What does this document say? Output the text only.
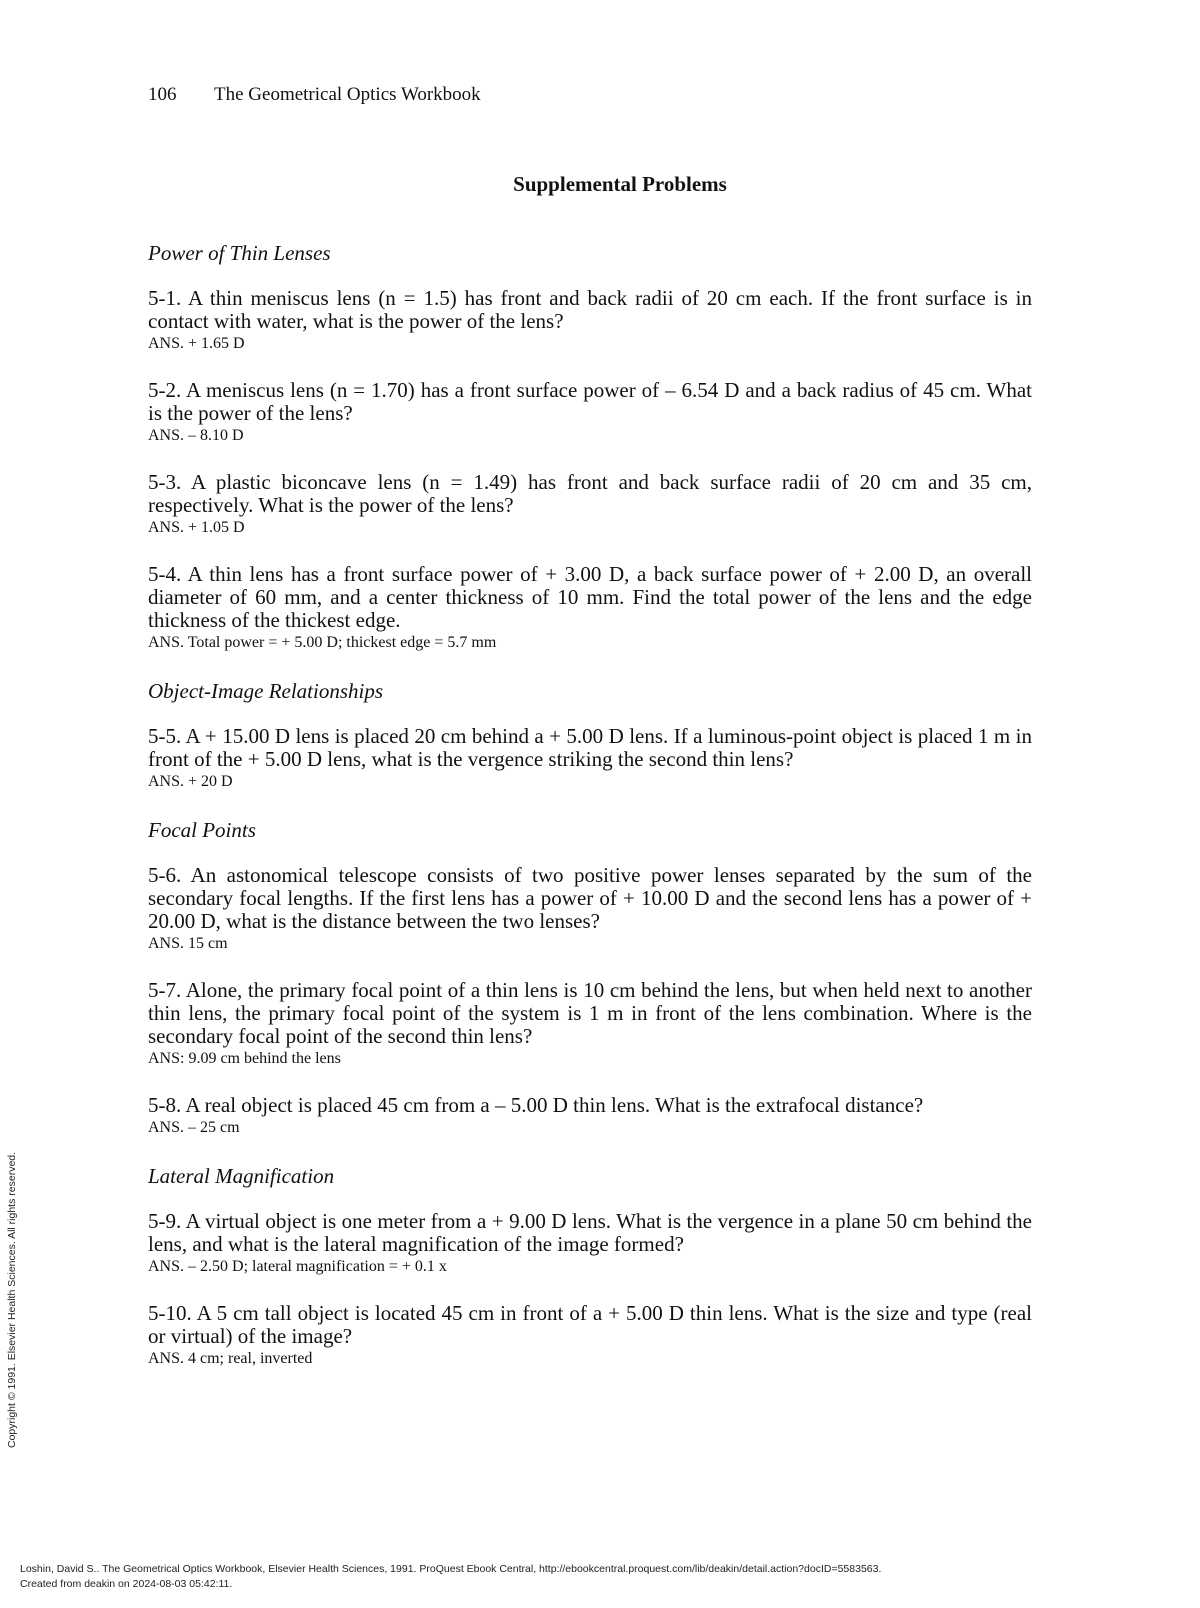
106 The Geometrical Optics Workbook
Supplemental Problems
Power of Thin Lenses
5-1. A thin meniscus lens (n = 1.5) has front and back radii of 20 cm each. If the front surface is in contact with water, what is the power of the lens?
ANS. + 1.65 D
5-2. A meniscus lens (n = 1.70) has a front surface power of – 6.54 D and a back radius of 45 cm. What is the power of the lens?
ANS. – 8.10 D
5-3. A plastic biconcave lens (n = 1.49) has front and back surface radii of 20 cm and 35 cm, respectively. What is the power of the lens?
ANS. + 1.05 D
5-4. A thin lens has a front surface power of + 3.00 D, a back surface power of + 2.00 D, an overall diameter of 60 mm, and a center thickness of 10 mm. Find the total power of the lens and the edge thickness of the thickest edge.
ANS. Total power = + 5.00 D; thickest edge = 5.7 mm
Object-Image Relationships
5-5. A + 15.00 D lens is placed 20 cm behind a + 5.00 D lens. If a luminous-point object is placed 1 m in front of the + 5.00 D lens, what is the vergence striking the second thin lens?
ANS. + 20 D
Focal Points
5-6. An astonomical telescope consists of two positive power lenses separated by the sum of the secondary focal lengths. If the first lens has a power of + 10.00 D and the second lens has a power of + 20.00 D, what is the distance between the two lenses?
ANS. 15 cm
5-7. Alone, the primary focal point of a thin lens is 10 cm behind the lens, but when held next to another thin lens, the primary focal point of the system is 1 m in front of the lens combination. Where is the secondary focal point of the second thin lens?
ANS: 9.09 cm behind the lens
5-8. A real object is placed 45 cm from a – 5.00 D thin lens. What is the extrafocal distance?
ANS. – 25 cm
Lateral Magnification
5-9. A virtual object is one meter from a + 9.00 D lens. What is the vergence in a plane 50 cm behind the lens, and what is the lateral magnification of the image formed?
ANS. – 2.50 D; lateral magnification = + 0.1 x
5-10. A 5 cm tall object is located 45 cm in front of a + 5.00 D thin lens. What is the size and type (real or virtual) of the image?
ANS. 4 cm; real, inverted
Copyright © 1991. Elsevier Health Sciences. All rights reserved.
Loshin, David S.. The Geometrical Optics Workbook, Elsevier Health Sciences, 1991. ProQuest Ebook Central, http://ebookcentral.proquest.com/lib/deakin/detail.action?docID=5583563.
Created from deakin on 2024-08-03 05:42:11.
